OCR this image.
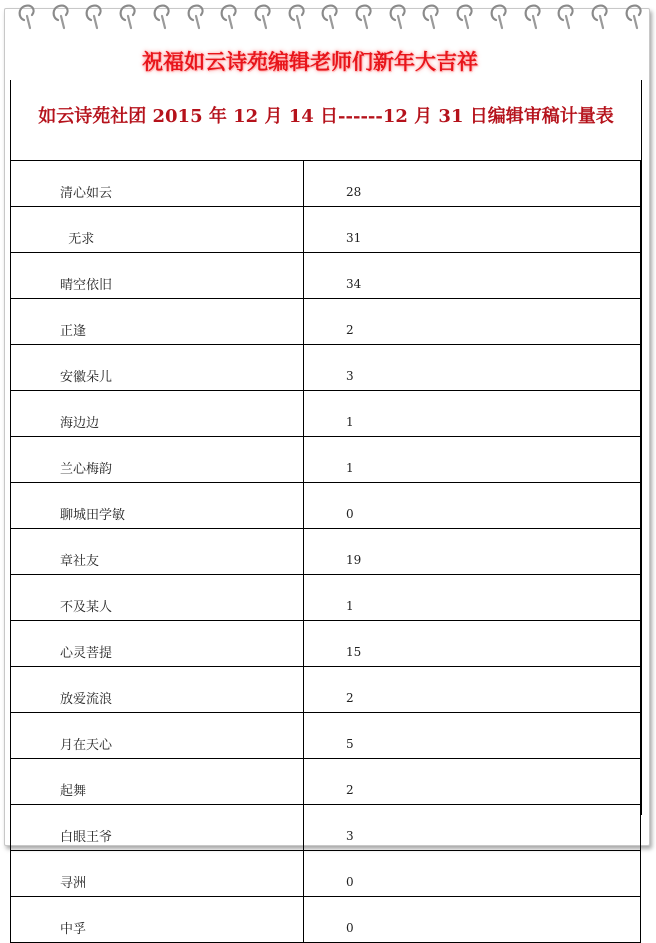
祝福如云诗苑编辑老师们新年大吉祥
如云诗苑社团 2015 年 12 月 14 日------12 月 31 日编辑审稿计量表
清心如云	28
无求	31
晴空依旧	34
正逢	2
安徽朵儿	3
海边边	1
兰心梅韵	1
聊城田学敏	0
章社友	19
不及某人	1
心灵菩提	15
放爱流浪	2
月在天心	5
起舞	2
白眼王爷	3
寻洲	0
中孚	0
